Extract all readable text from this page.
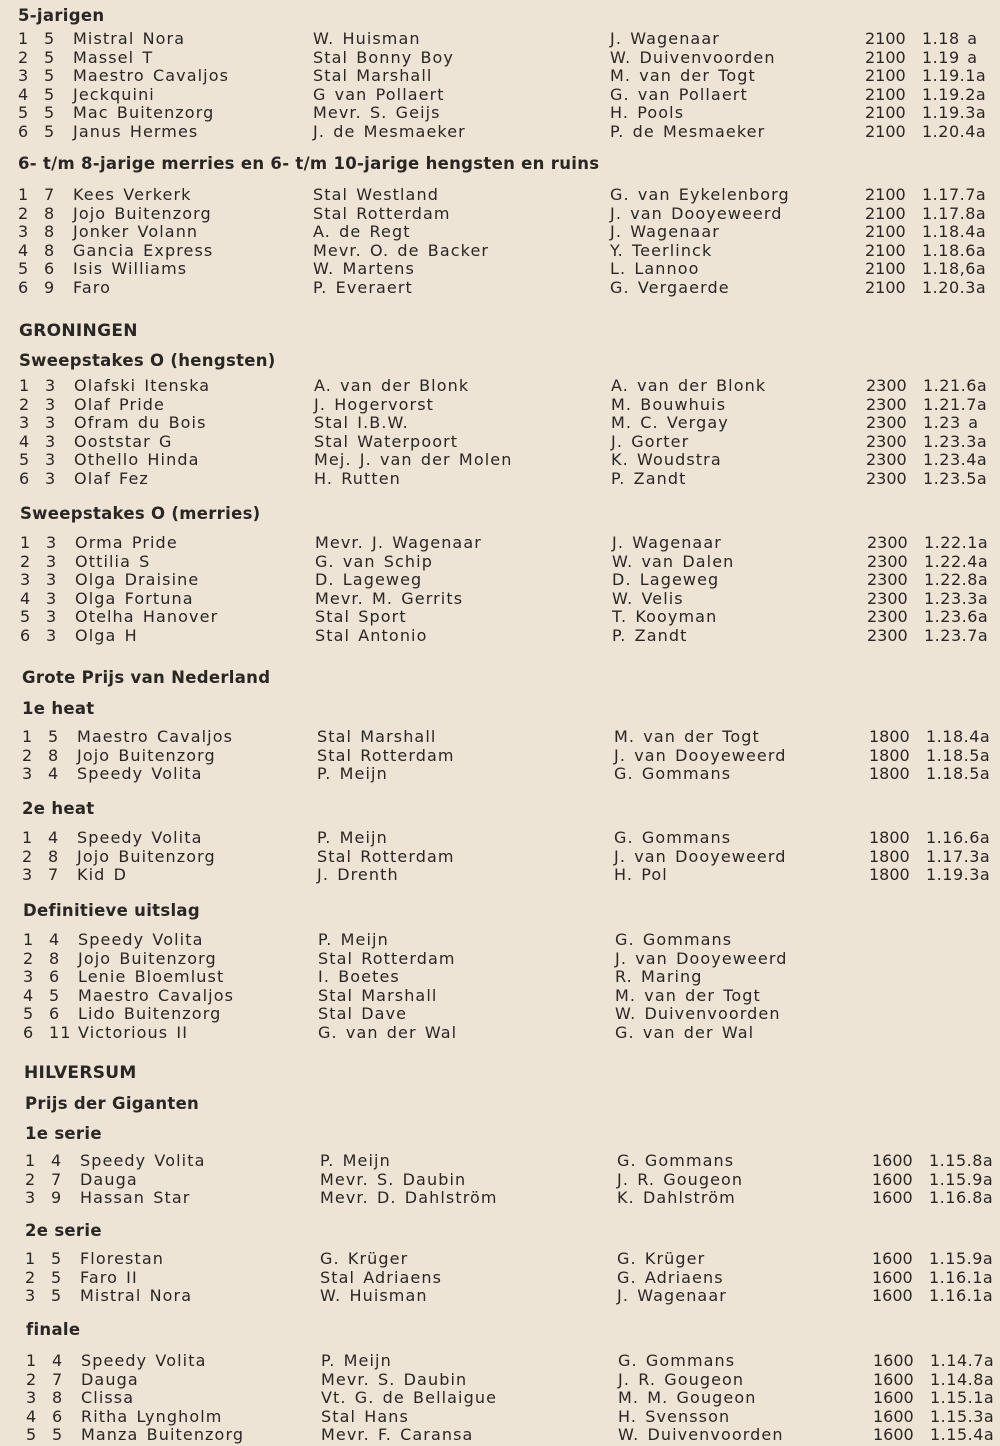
5-jarigen
1 5 Mistral Nora	W. Huisman	J. Wagenaar	2100 1.18 a
2 5 Massel T	Stal Bonny Boy	W. Duivenvoorden	2100 1.19 a
3 5 Maestro Cavaljos	Stal Marshall	M. van der Togt	2100 1.19.1a
4 5 Jeckquini	G van Pollaert	G. van Pollaert	2100 1.19.2a
5 5 Mac Buitenzorg	Mevr. S. Geijs	H. Pools	2100 1.19.3a
6 5 Janus Hermes	J. de Mesmaeker	P. de Mesmaeker	2100 1.20.4a
6- t/m 8-jarige merries en 6- t/m 10-jarige hengsten en ruins
1 7 Kees Verkerk	Stal Westland	G. van Eykelenborg	2100 1.17.7a
2 8 Jojo Buitenzorg	Stal Rotterdam	J. van Dooyeweerd	2100 1.17.8a
3 8 Jonker Volann	A. de Regt	J. Wagenaar	2100 1.18.4a
4 8 Gancia Express	Mevr. O. de Backer	Y. Teerlinck	2100 1.18.6a
5 6 Isis Williams	W. Martens	L. Lannoo	2100 1.18,6a
6 9 Faro	P. Everaert	G. Vergaerde	2100 1.20.3a
GRONINGEN
Sweepstakes O (hengsten)
1 3 Olafski Itenska	A. van der Blonk	A. van der Blonk	2300 1.21.6a
2 3 Olaf Pride	J. Hogervorst	M. Bouwhuis	2300 1.21.7a
3 3 Ofram du Bois	Stal I.B.W.	M. C. Vergay	2300 1.23 a
4 3 Ooststar G	Stal Waterpoort	J. Gorter	2300 1.23.3a
5 3 Othello Hinda	Mej. J. van der Molen	K. Woudstra	2300 1.23.4a
6 3 Olaf Fez	H. Rutten	P. Zandt	2300 1.23.5a
Sweepstakes O (merries)
1 3 Orma Pride	Mevr. J. Wagenaar	J. Wagenaar	2300 1.22.1a
2 3 Ottilia S	G. van Schip	W. van Dalen	2300 1.22.4a
3 3 Olga Draisine	D. Lageweg	D. Lageweg	2300 1.22.8a
4 3 Olga Fortuna	Mevr. M. Gerrits	W. Velis	2300 1.23.3a
5 3 Otelha Hanover	Stal Sport	T. Kooyman	2300 1.23.6a
6 3 Olga H	Stal Antonio	P. Zandt	2300 1.23.7a
Grote Prijs van Nederland
1e heat
1 5 Maestro Cavaljos	Stal Marshall	M. van der Togt	1800 1.18.4a
2 8 Jojo Buitenzorg	Stal Rotterdam	J. van Dooyeweerd	1800 1.18.5a
3 4 Speedy Volita	P. Meijn	G. Gommans	1800 1.18.5a
2e heat
1 4 Speedy Volita	P. Meijn	G. Gommans	1800 1.16.6a
2 8 Jojo Buitenzorg	Stal Rotterdam	J. van Dooyeweerd	1800 1.17.3a
3 7 Kid D	J. Drenth	H. Pol	1800 1.19.3a
Definitieve uitslag
1 4 Speedy Volita	P. Meijn	G. Gommans
2 8 Jojo Buitenzorg	Stal Rotterdam	J. van Dooyeweerd
3 6 Lenie Bloemlust	I. Boetes	R. Maring
4 5 Maestro Cavaljos	Stal Marshall	M. van der Togt
5 6 Lido Buitenzorg	Stal Dave	W. Duivenvoorden
6 11 Victorious II	G. van der Wal	G. van der Wal
HILVERSUM
Prijs der Giganten
1e serie
1 4 Speedy Volita	P. Meijn	G. Gommans	1600 1.15.8a
2 7 Dauga	Mevr. S. Daubin	J. R. Gougeon	1600 1.15.9a
3 9 Hassan Star	Mevr. D. Dahlström	K. Dahlström	1600 1.16.8a
2e serie
1 5 Florestan	G. Krüger	G. Krüger	1600 1.15.9a
2 5 Faro II	Stal Adriaens	G. Adriaens	1600 1.16.1a
3 5 Mistral Nora	W. Huisman	J. Wagenaar	1600 1.16.1a
finale
1 4 Speedy Volita	P. Meijn	G. Gommans	1600 1.14.7a
2 7 Dauga	Mevr. S. Daubin	J. R. Gougeon	1600 1.14.8a
3 8 Clissa	Vt. G. de Bellaigue	M. M. Gougeon	1600 1.15.1a
4 6 Ritha Lyngholm	Stal Hans	H. Svensson	1600 1.15.3a
5 5 Manza Buitenzorg	Mevr. F. Caransa	W. Duivenvoorden	1600 1.15.4a
